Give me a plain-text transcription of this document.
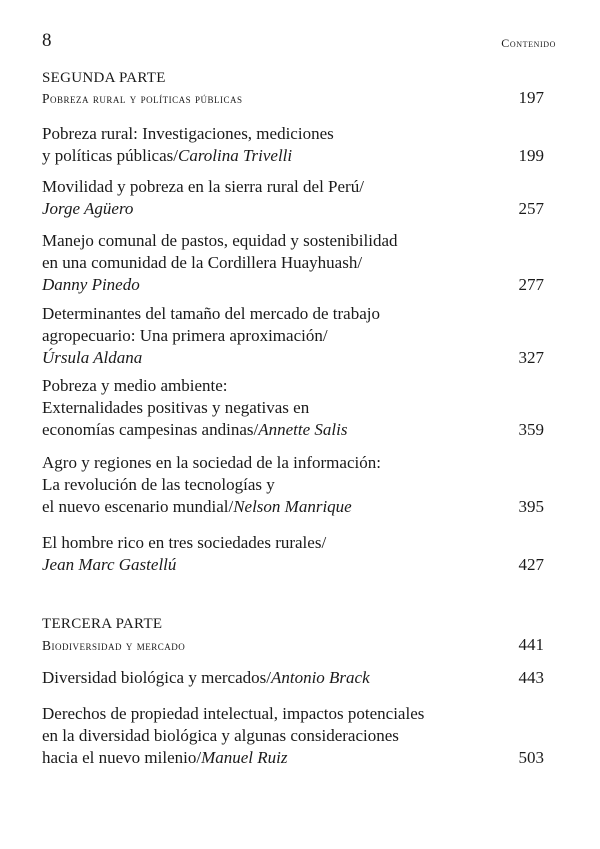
8	Contenido
SEGUNDA PARTE
Pobreza rural y políticas públicas	197
Pobreza rural: Investigaciones, mediciones
y políticas públicas/Carolina Trivelli	199
Movilidad y pobreza en la sierra rural del Perú/
Jorge Agüero	257
Manejo comunal de pastos, equidad y sostenibilidad
en una comunidad de la Cordillera Huayhuash/
Danny Pinedo	277
Determinantes del tamaño del mercado de trabajo
agropecuario: Una primera aproximación/
Úrsula Aldana	327
Pobreza y medio ambiente:
Externalidades positivas y negativas en
economías campesinas andinas/Annette Salis	359
Agro y regiones en la sociedad de la información:
La revolución de las tecnologías y
el nuevo escenario mundial/Nelson Manrique	395
El hombre rico en tres sociedades rurales/
Jean Marc Gastellú	427
TERCERA PARTE
Biodiversidad y mercado	441
Diversidad biológica y mercados/Antonio Brack	443
Derechos de propiedad intelectual, impactos potenciales
en la diversidad biológica y algunas consideraciones
hacia el nuevo milenio/Manuel Ruiz	503
